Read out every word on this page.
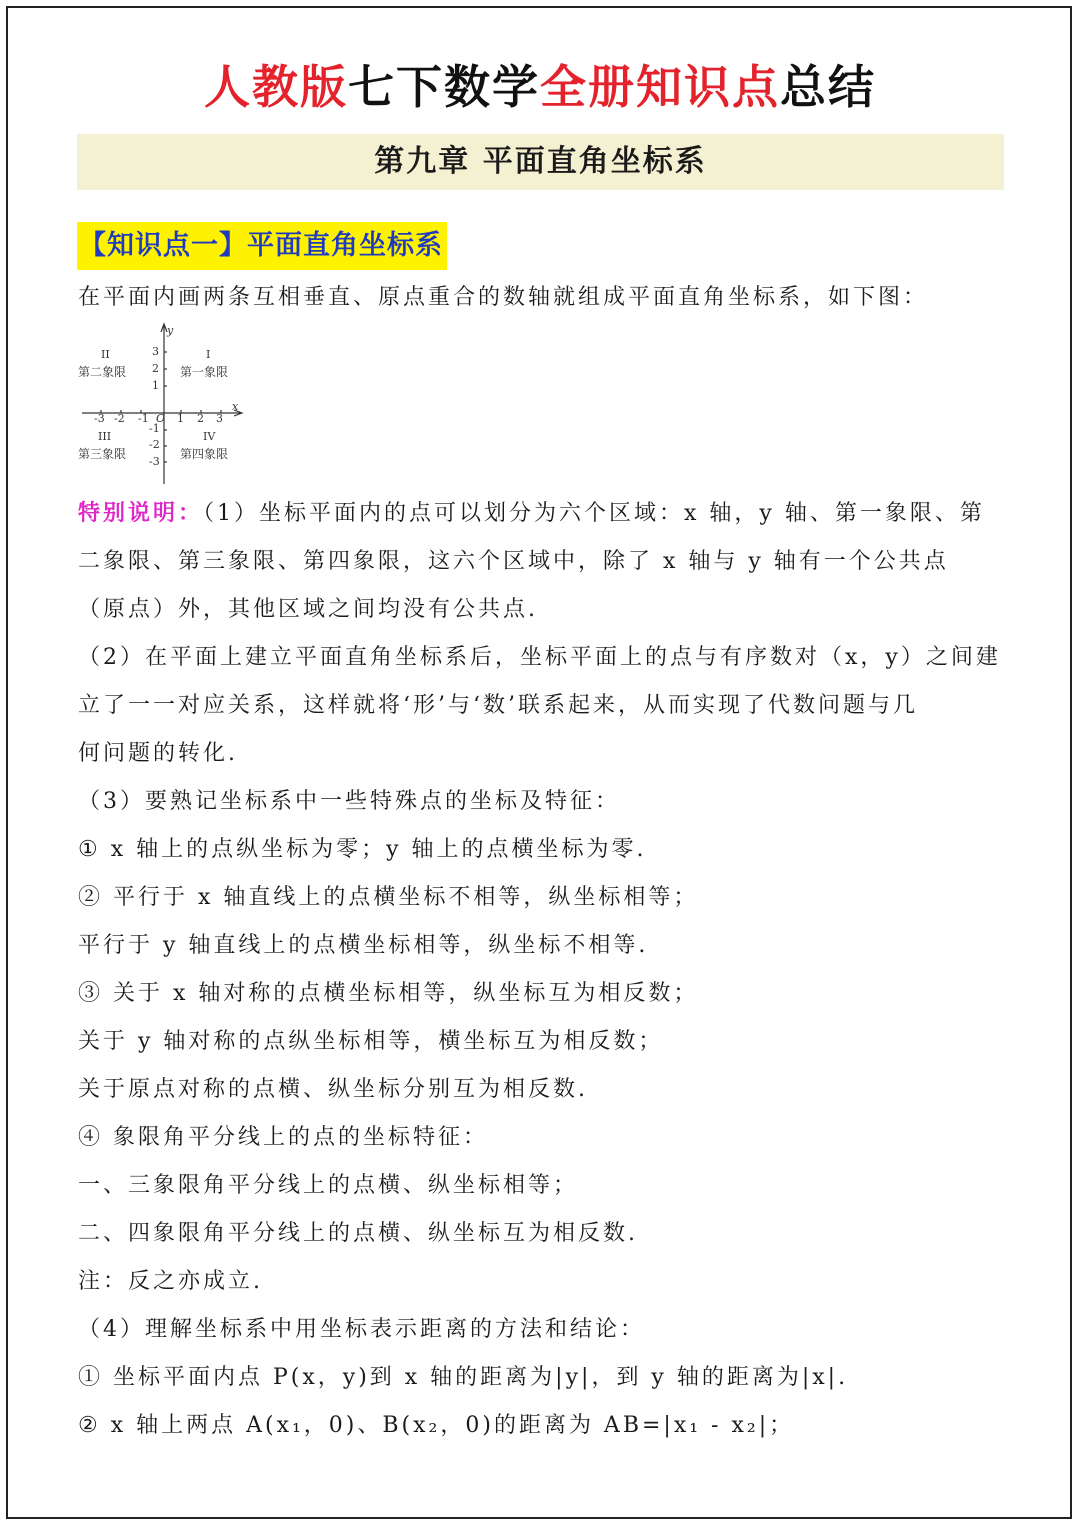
人教版七下数学全册知识点总结
第九章 平面直角坐标系
【知识点一】平面直角坐标系
在平面内画两条互相垂直、原点重合的数轴就组成平面直角坐标系，如下图：
y
x
O
-3 -2 -1	1 2 3
3
2
1
-1
-2
-3
II
第二象限
I
第一象限
III
第三象限
IV
第四象限
特别说明：（1）坐标平面内的点可以划分为六个区域：x 轴，y 轴、第一象限、第
二象限、第三象限、第四象限，这六个区域中，除了 x 轴与 y 轴有一个公共点
（原点）外，其他区域之间均没有公共点.
（2）在平面上建立平面直角坐标系后，坐标平面上的点与有序数对（x，y）之间建
立了一一对应关系，这样就将‘形’与‘数’联系起来，从而实现了代数问题与几
何问题的转化.
（3）要熟记坐标系中一些特殊点的坐标及特征：
① x 轴上的点纵坐标为零；y 轴上的点横坐标为零.
② 平行于 x 轴直线上的点横坐标不相等，纵坐标相等；
平行于 y 轴直线上的点横坐标相等，纵坐标不相等.
③ 关于 x 轴对称的点横坐标相等，纵坐标互为相反数；
关于 y 轴对称的点纵坐标相等，横坐标互为相反数；
关于原点对称的点横、纵坐标分别互为相反数.
④ 象限角平分线上的点的坐标特征：
一、三象限角平分线上的点横、纵坐标相等；
二、四象限角平分线上的点横、纵坐标互为相反数.
注：反之亦成立.
（4）理解坐标系中用坐标表示距离的方法和结论：
① 坐标平面内点 P(x，y)到 x 轴的距离为|y|，到 y 轴的距离为|x|.
② x 轴上两点 A(x₁，0)、B(x₂，0)的距离为 AB=|x₁ - x₂|；
